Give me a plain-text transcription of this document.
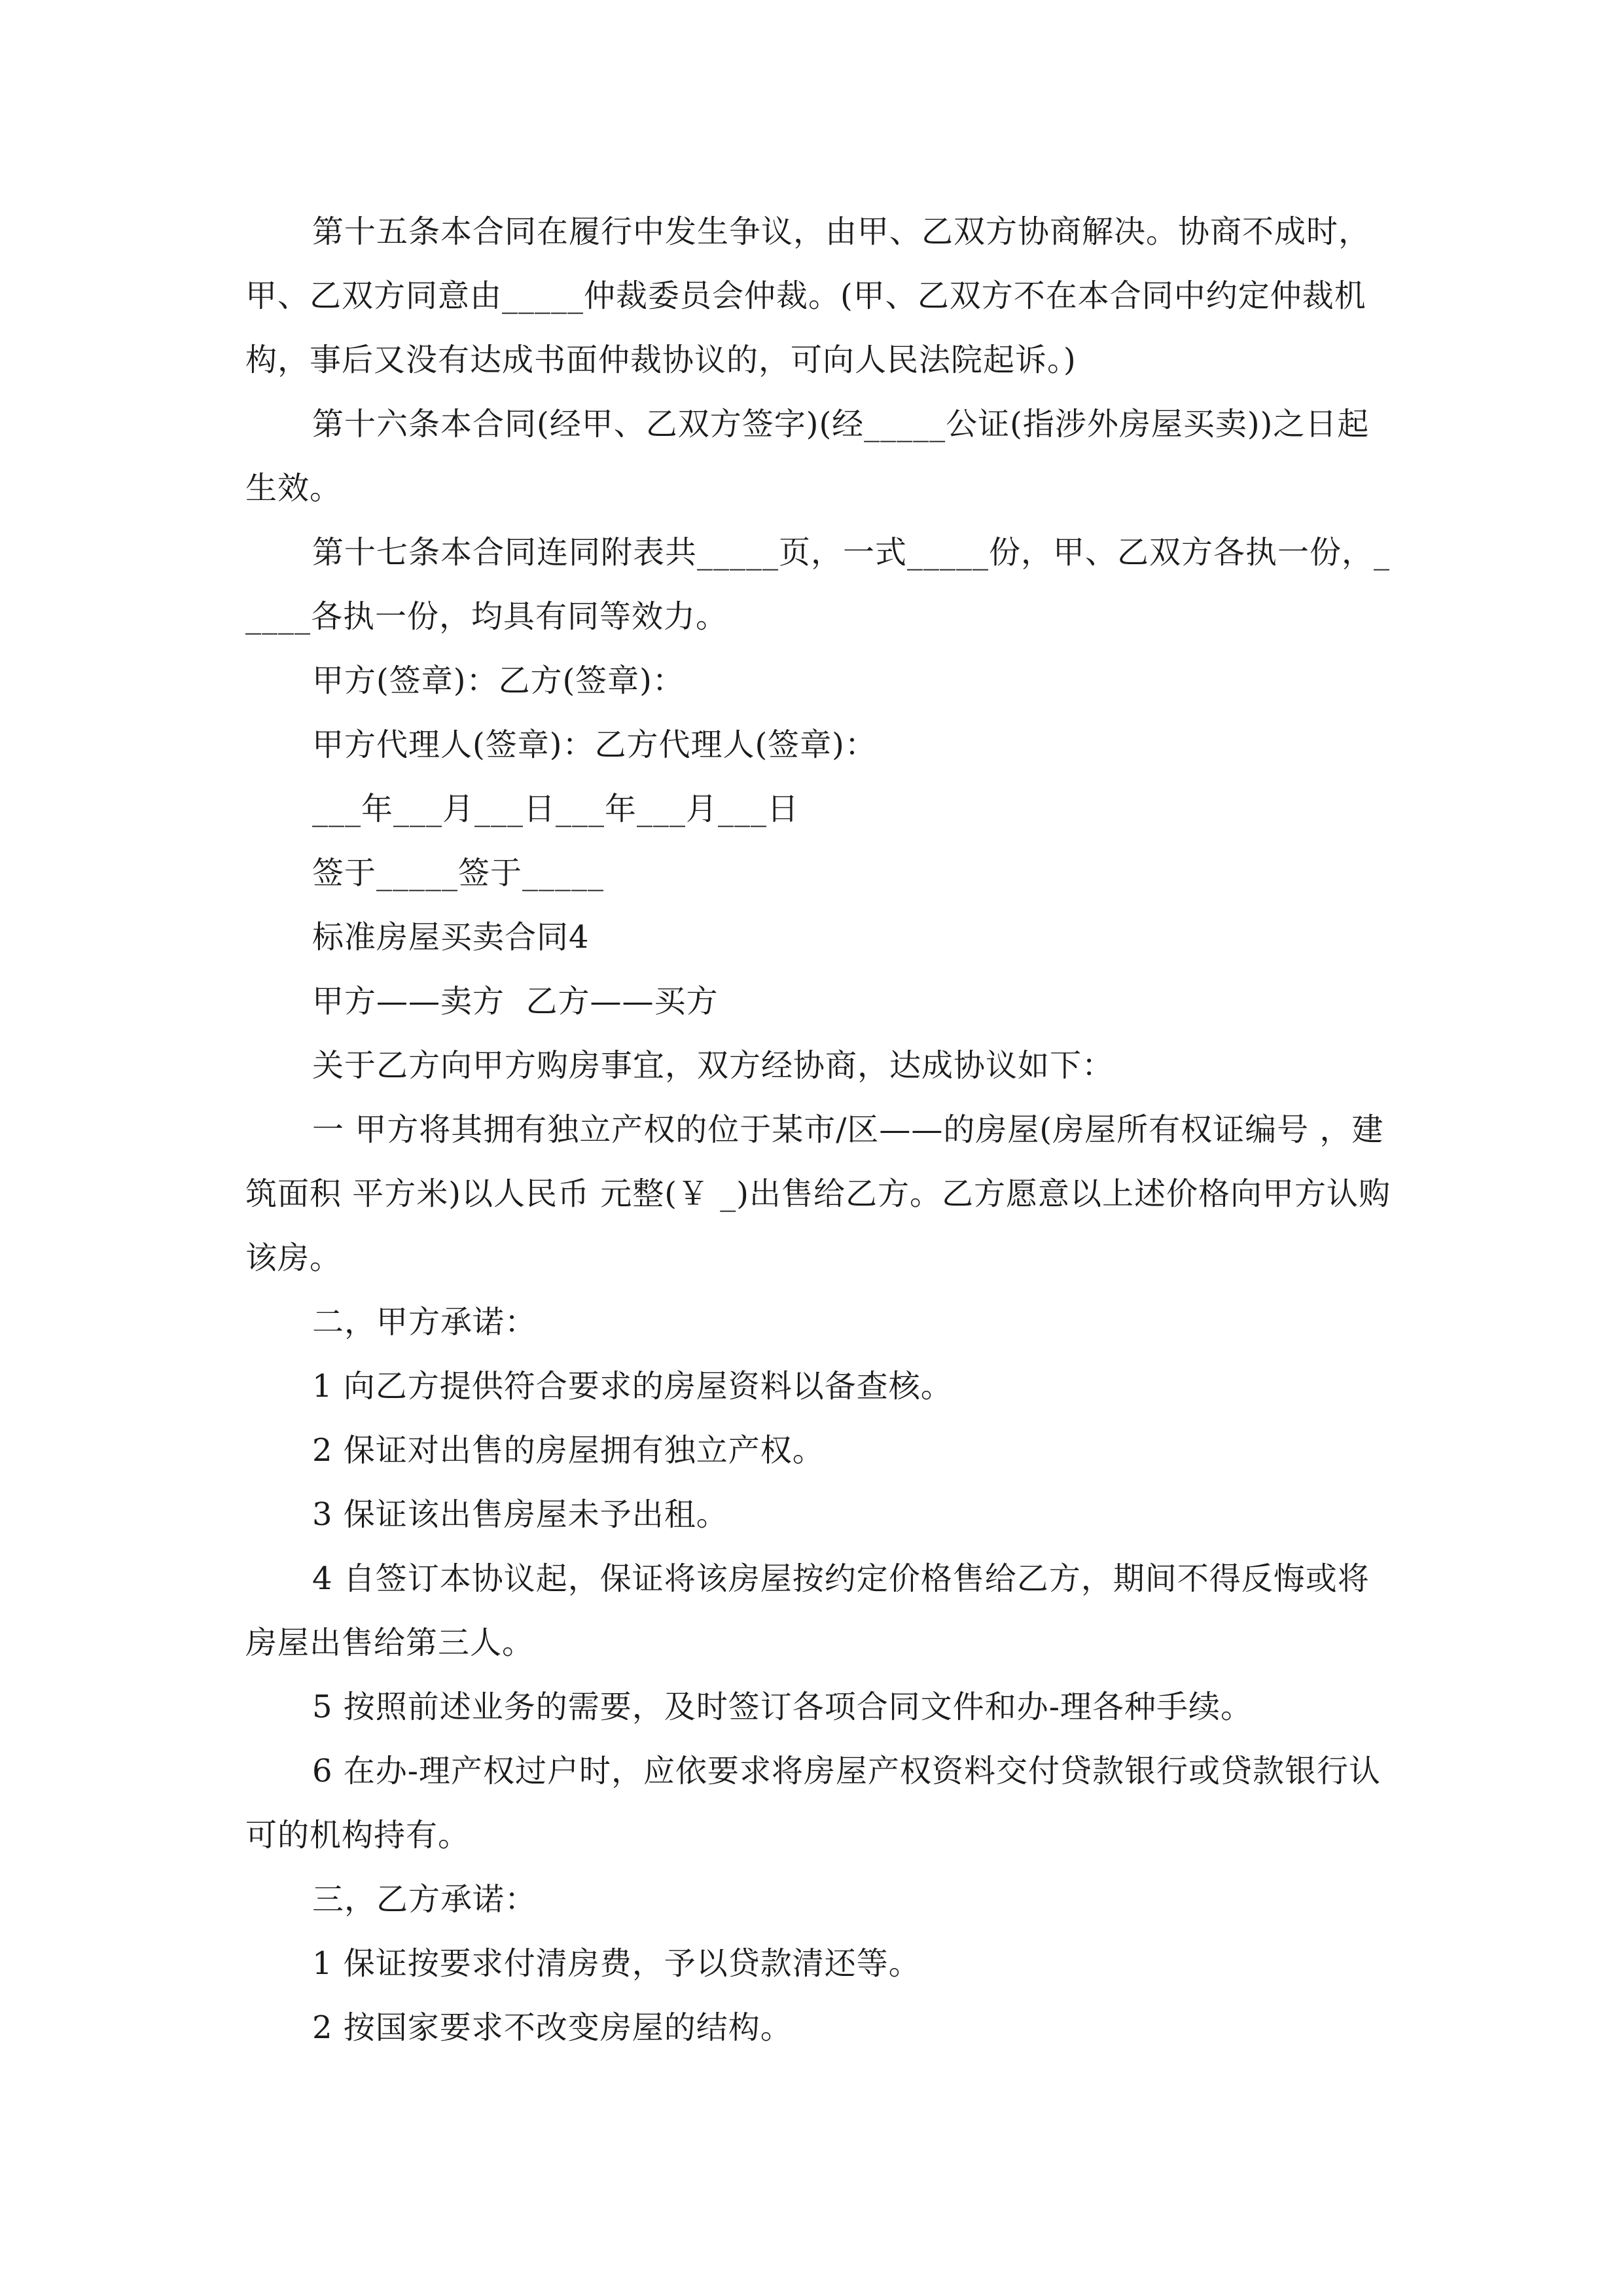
第十五条本合同在履行中发生争议，由甲、乙双方协商解决。协商不成时，甲、乙双方同意由_____仲裁委员会仲裁。(甲、乙双方不在本合同中约定仲裁机构，事后又没有达成书面仲裁协议的，可向人民法院起诉。)

第十六条本合同(经甲、乙双方签字)(经_____公证(指涉外房屋买卖))之日起生效。

第十七条本合同连同附表共_____页，一式_____份，甲、乙双方各执一份，_____各执一份，均具有同等效力。

甲方(签章)：乙方(签章)：

甲方代理人(签章)：乙方代理人(签章)：

___年___月___日___年___月___日

签于_____签于_____

标准房屋买卖合同4

甲方——卖方  乙方——买方

关于乙方向甲方购房事宜，双方经协商，达成协议如下：

一 甲方将其拥有独立产权的位于某市/区——的房屋(房屋所有权证编号 ，建筑面积 平方米)以人民币 元整(￥ _)出售给乙方。乙方愿意以上述价格向甲方认购该房。

二，甲方承诺：

1 向乙方提供符合要求的房屋资料以备查核。

2 保证对出售的房屋拥有独立产权。

3 保证该出售房屋未予出租。

4 自签订本协议起，保证将该房屋按约定价格售给乙方，期间不得反悔或将房屋出售给第三人。

5 按照前述业务的需要，及时签订各项合同文件和办-理各种手续。

6 在办-理产权过户时，应依要求将房屋产权资料交付贷款银行或贷款银行认可的机构持有。

三，乙方承诺：

1 保证按要求付清房费，予以贷款清还等。

2 按国家要求不改变房屋的结构。
